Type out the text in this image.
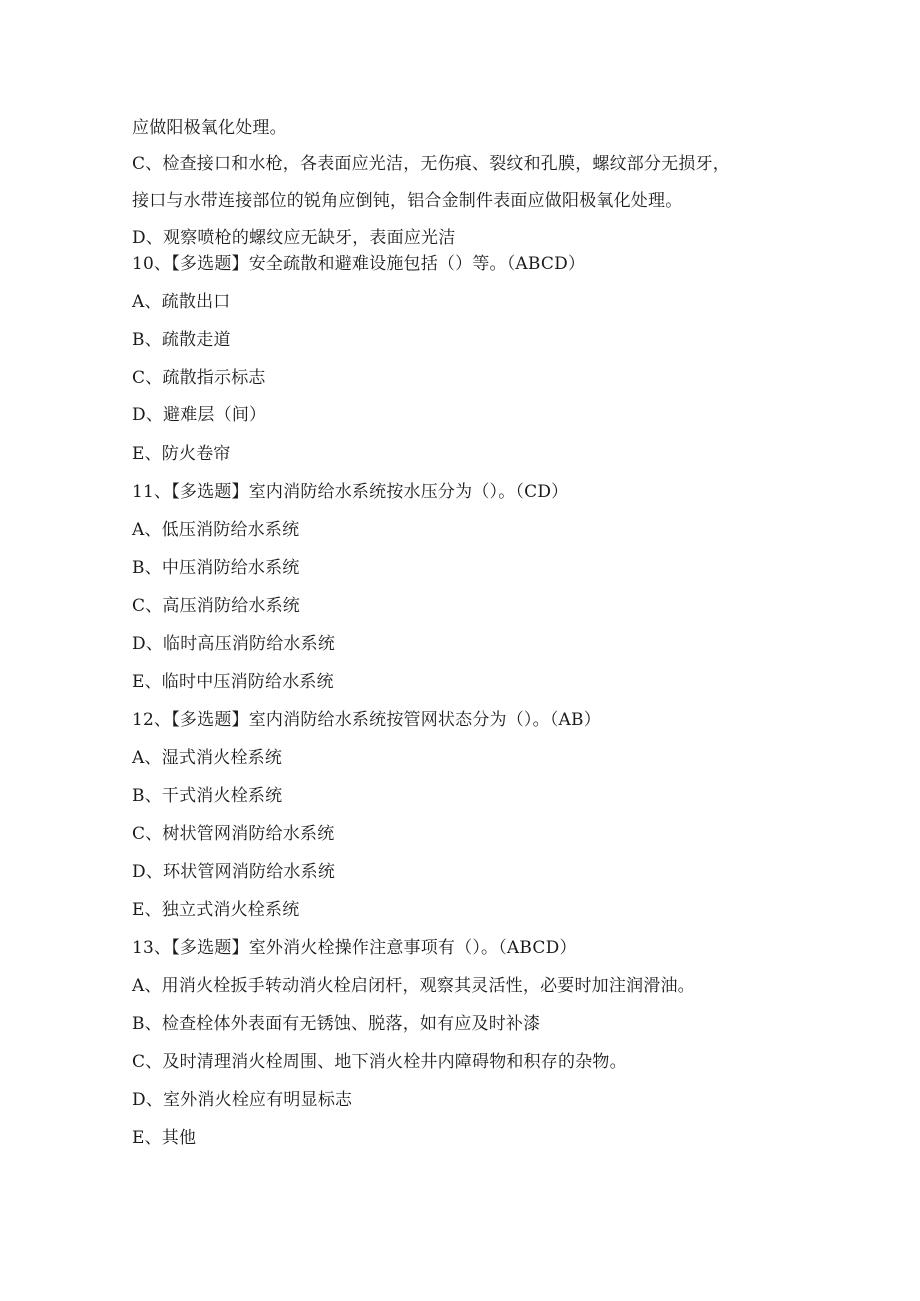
应做阳极氧化处理。
C、检查接口和水枪，各表面应光洁，无伤痕、裂纹和孔膜，螺纹部分无损牙，
接口与水带连接部位的锐角应倒钝，铝合金制件表面应做阳极氧化处理。
D、观察喷枪的螺纹应无缺牙，表面应光洁
10、【多选题】安全疏散和避难设施包括（）等。（ABCD）
A、疏散出口
B、疏散走道
C、疏散指示标志
D、避难层（间）
E、防火卷帘
11、【多选题】室内消防给水系统按水压分为（）。（CD）
A、低压消防给水系统
B、中压消防给水系统
C、高压消防给水系统
D、临时高压消防给水系统
E、临时中压消防给水系统
12、【多选题】室内消防给水系统按管网状态分为（）。（AB）
A、湿式消火栓系统
B、干式消火栓系统
C、树状管网消防给水系统
D、环状管网消防给水系统
E、独立式消火栓系统
13、【多选题】室外消火栓操作注意事项有（）。（ABCD）
A、用消火栓扳手转动消火栓启闭杆，观察其灵活性，必要时加注润滑油。
B、检查栓体外表面有无锈蚀、脱落，如有应及时补漆
C、及时清理消火栓周围、地下消火栓井内障碍物和积存的杂物。
D、室外消火栓应有明显标志
E、其他
